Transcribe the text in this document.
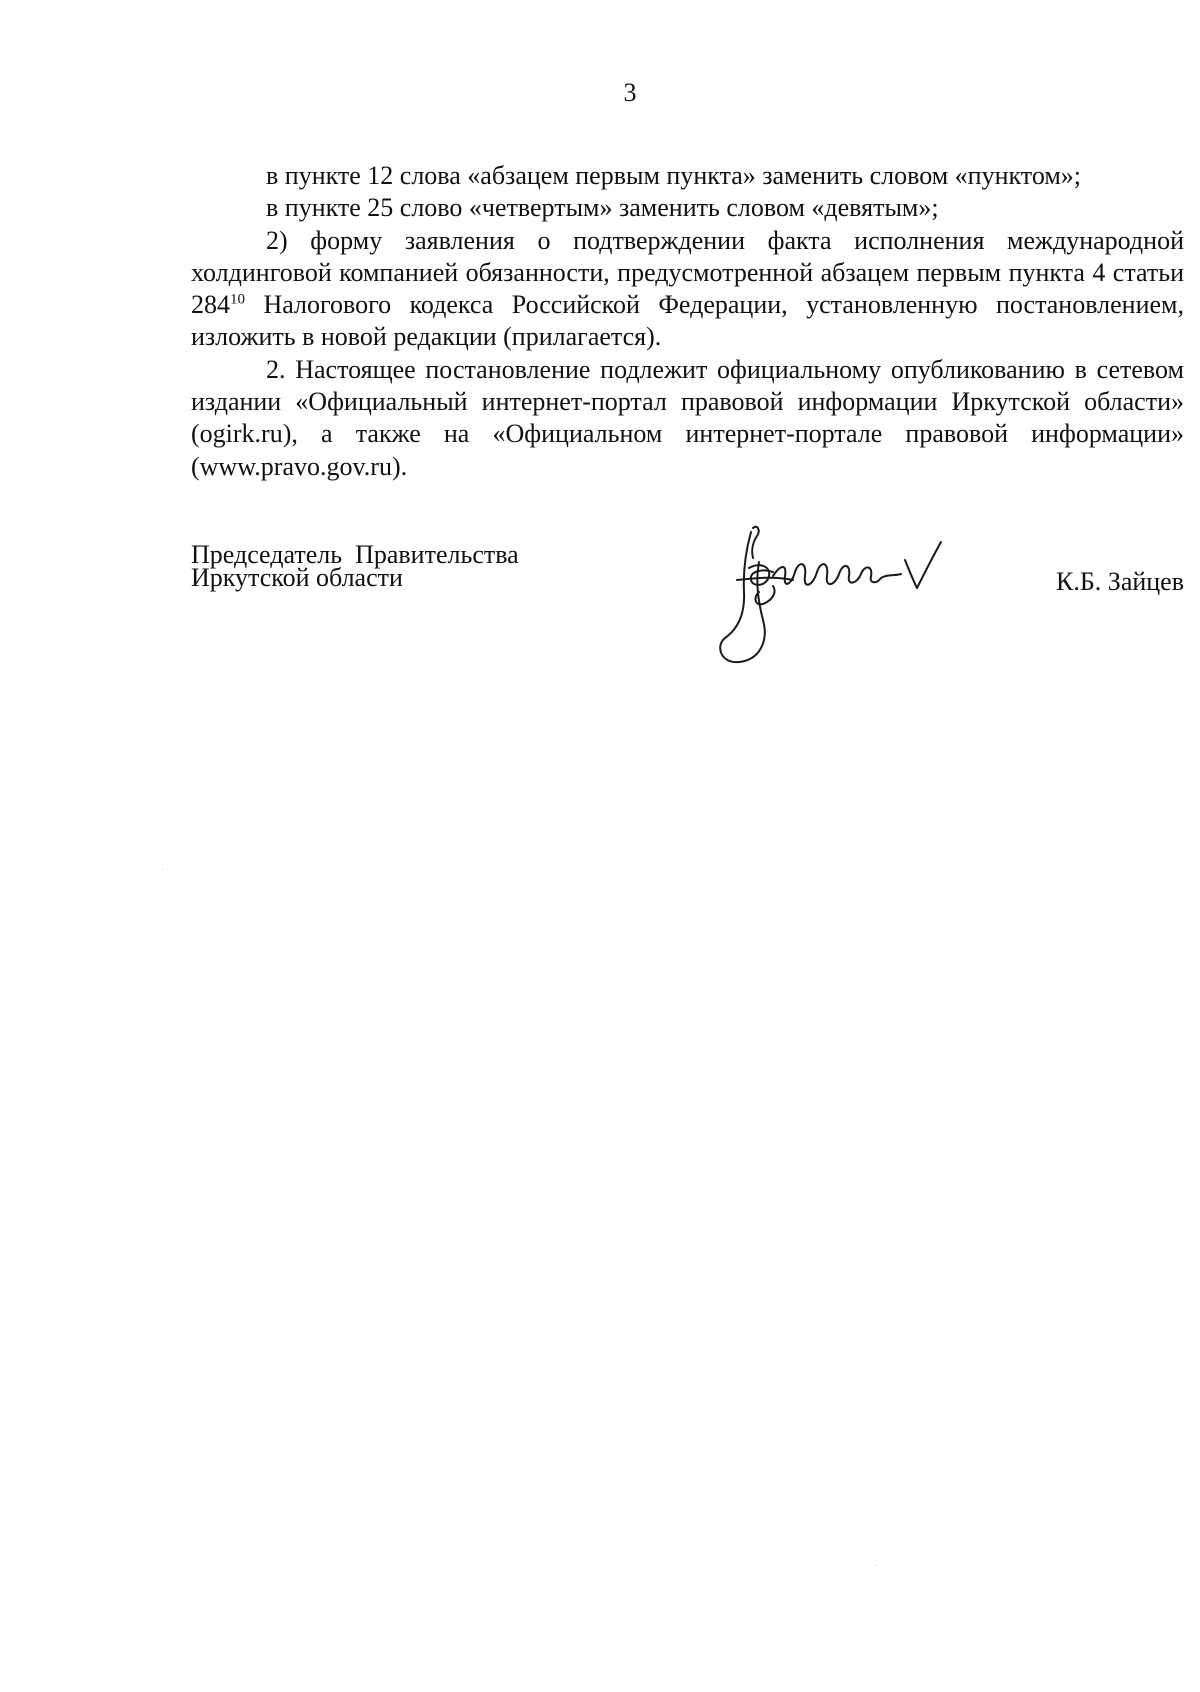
3

в пункте 12 слова «абзацем первым пункта» заменить словом «пунктом»;

в пункте 25 слово «четвертым» заменить словом «девятым»;

2) форму заявления о подтверждении факта исполнения международной холдинговой компанией обязанности, предусмотренной абзацем первым пункта 4 статьи $284^{10}$ Налогового кодекса Российской Федерации, установленную постановлением, изложить в новой редакции (прилагается).

2. Настоящее постановление подлежит официальному опубликованию в сетевом издании «Официальный интернет-портал правовой информации Иркутской области» (ogirk.ru), а также на «Официальном интернет-портале правовой информации» (www.pravo.gov.ru).

Председатель  Правительства
Иркутской области	К.Б. Зайцев
